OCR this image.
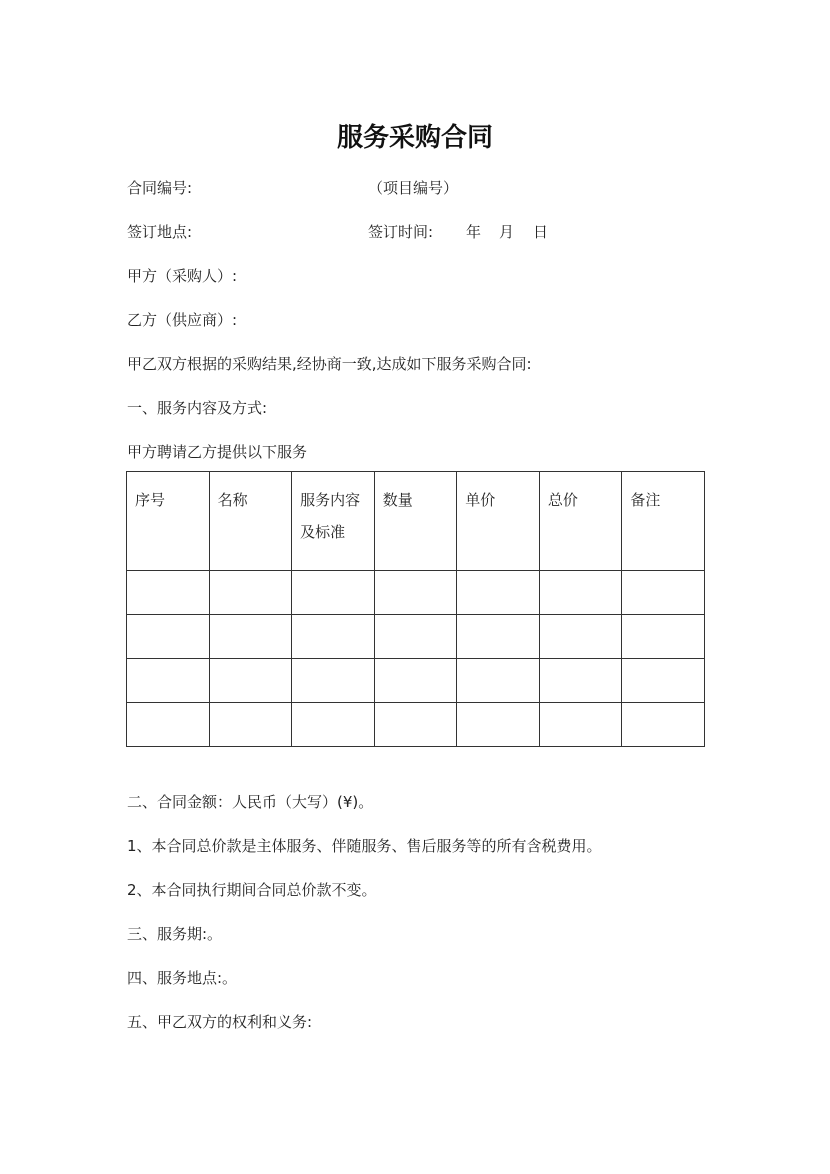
服务采购合同
合同编号:	（项目编号）
签订地点:	签订时间: 年 月 日
甲方（采购人）:
乙方（供应商）:
甲乙双方根据的采购结果,经协商一致,达成如下服务采购合同:
一、服务内容及方式:
甲方聘请乙方提供以下服务
序号	名称	服务内容及标准	数量	单价	总价	备注

二、合同金额：人民币（大写）(¥)。
1、本合同总价款是主体服务、伴随服务、售后服务等的所有含税费用。
2、本合同执行期间合同总价款不变。
三、服务期:。
四、服务地点:。
五、甲乙双方的权利和义务:
